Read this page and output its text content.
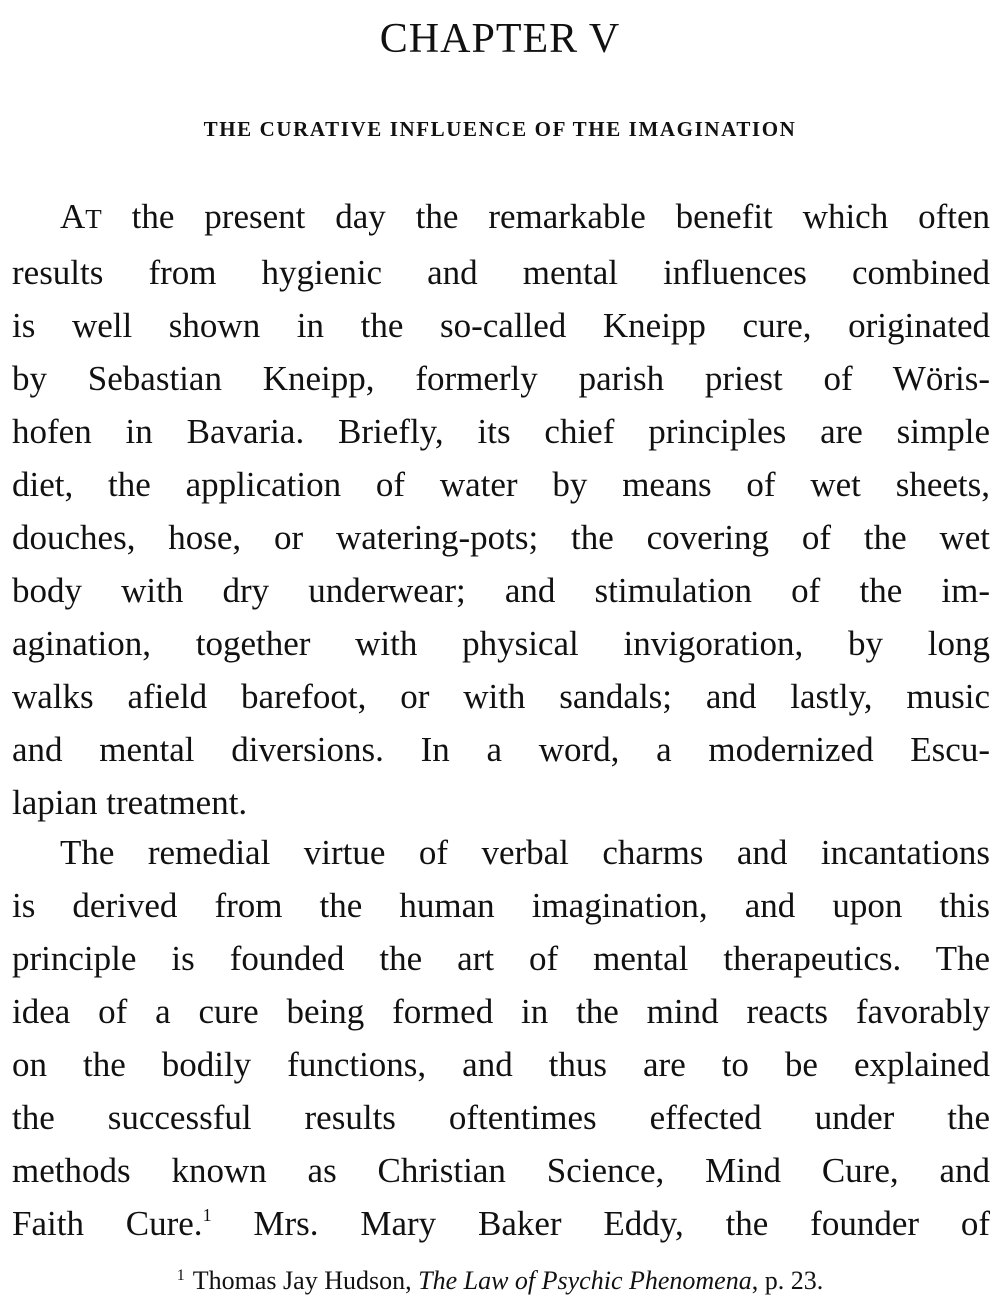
CHAPTER V
THE CURATIVE INFLUENCE OF THE IMAGINATION
AT the present day the remarkable benefit which often
results from hygienic and mental influences combined
is well shown in the so-called Kneipp cure, originated
by Sebastian Kneipp, formerly parish priest of Wöris-
hofen in Bavaria. Briefly, its chief principles are simple
diet, the application of water by means of wet sheets,
douches, hose, or watering-pots; the covering of the wet
body with dry underwear; and stimulation of the im-
agination, together with physical invigoration, by long
walks afield barefoot, or with sandals; and lastly, music
and mental diversions. In a word, a modernized Escu-
lapian treatment.
The remedial virtue of verbal charms and incantations
is derived from the human imagination, and upon this
principle is founded the art of mental therapeutics. The
idea of a cure being formed in the mind reacts favorably
on the bodily functions, and thus are to be explained
the successful results oftentimes effected under the
methods known as Christian Science, Mind Cure, and
Faith Cure.$^1$ Mrs. Mary Baker Eddy, the founder of

$^1$ Thomas Jay Hudson, The Law of Psychic Phenomena, p. 23.
